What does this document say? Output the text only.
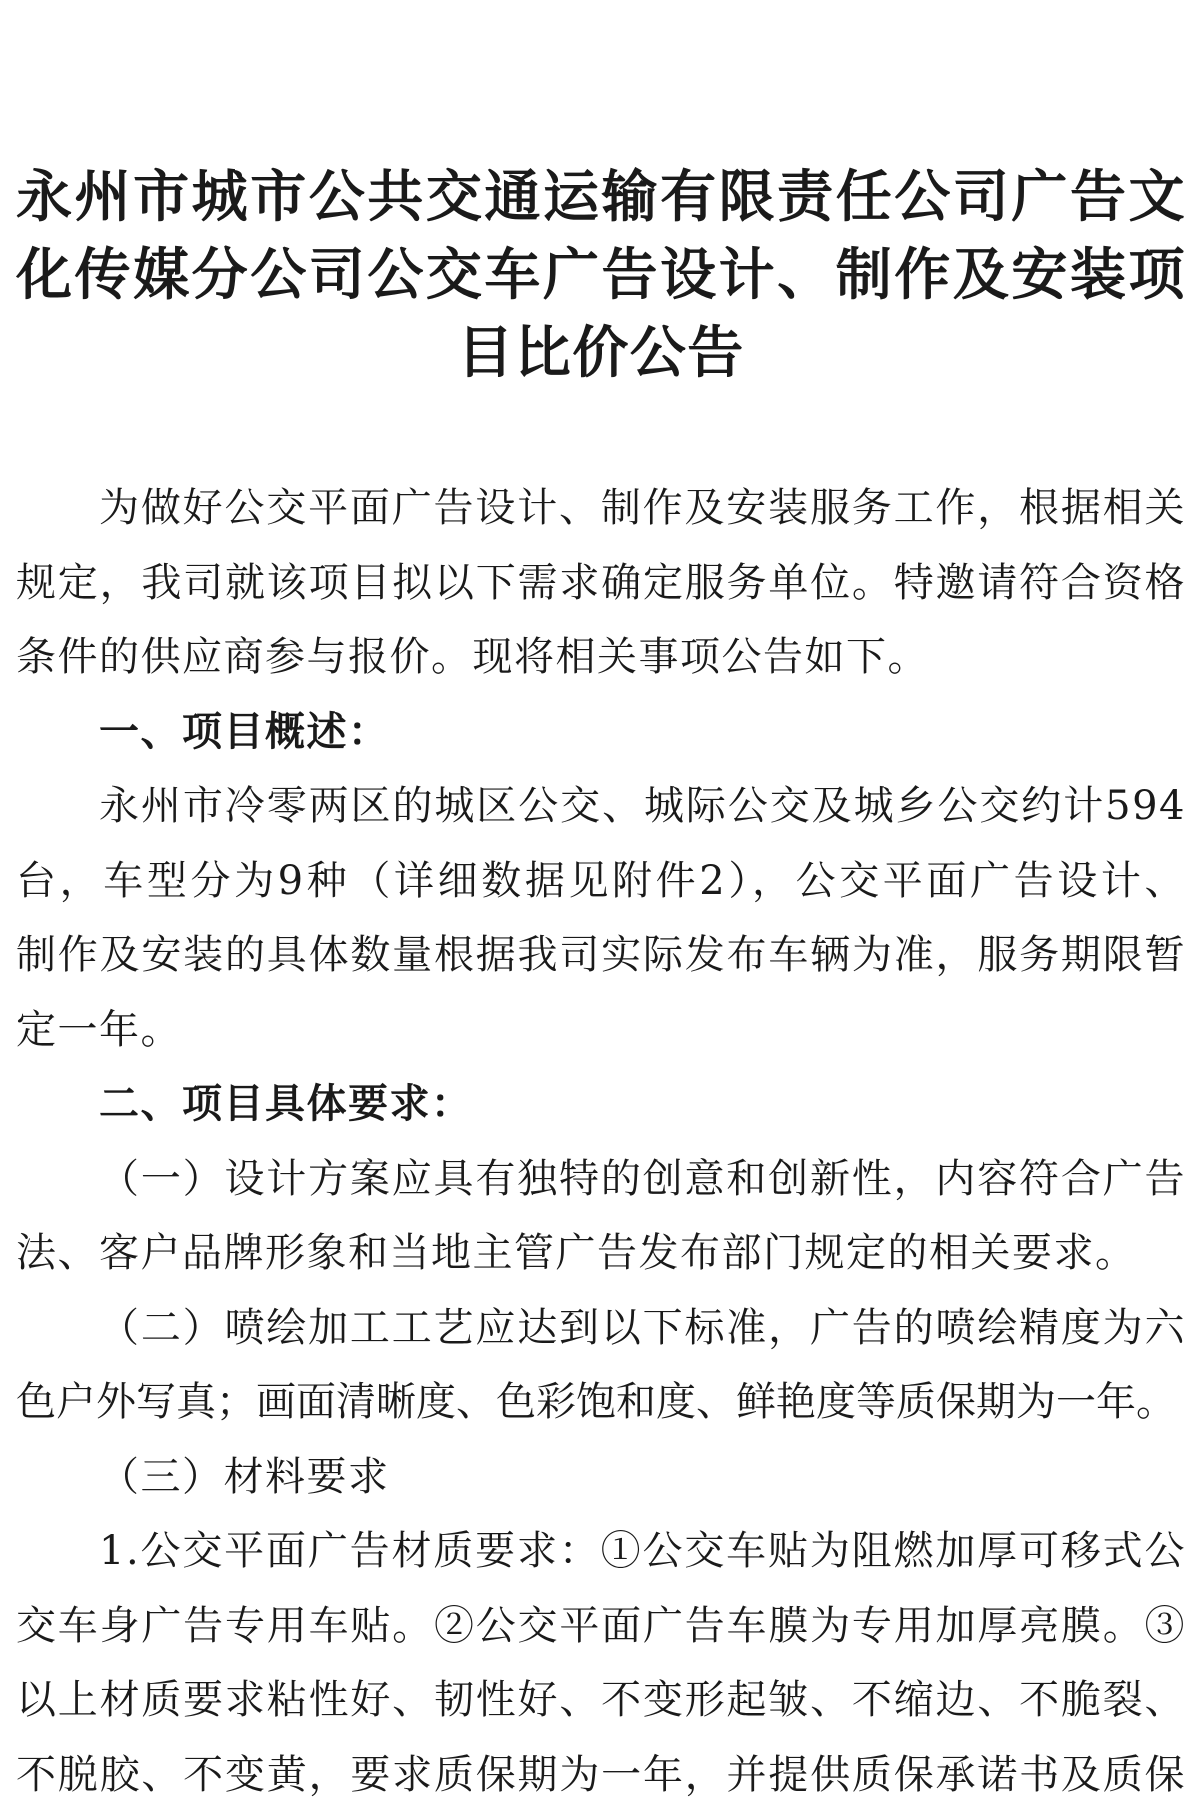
永州市城市公共交通运输有限责任公司广告文
化传媒分公司公交车广告设计、制作及安装项
目比价公告
为做好公交平面广告设计、制作及安装服务工作，根据相关
规定，我司就该项目拟以下需求确定服务单位。特邀请符合资格
条件的供应商参与报价。现将相关事项公告如下。
一、项目概述：
永州市冷零两区的城区公交、城际公交及城乡公交约计594
台，车型分为9种（详细数据见附件2），公交平面广告设计、
制作及安装的具体数量根据我司实际发布车辆为准，服务期限暂
定一年。
二、项目具体要求：
（一）设计方案应具有独特的创意和创新性，内容符合广告
法、客户品牌形象和当地主管广告发布部门规定的相关要求。
（二）喷绘加工工艺应达到以下标准，广告的喷绘精度为六
色户外写真；画面清晰度、色彩饱和度、鲜艳度等质保期为一年。
（三）材料要求
1.公交平面广告材质要求：①公交车贴为阻燃加厚可移式公
交车身广告专用车贴。②公交平面广告车膜为专用加厚亮膜。③
以上材质要求粘性好、韧性好、不变形起皱、不缩边、不脆裂、
不脱胶、不变黄，要求质保期为一年，并提供质保承诺书及质保
